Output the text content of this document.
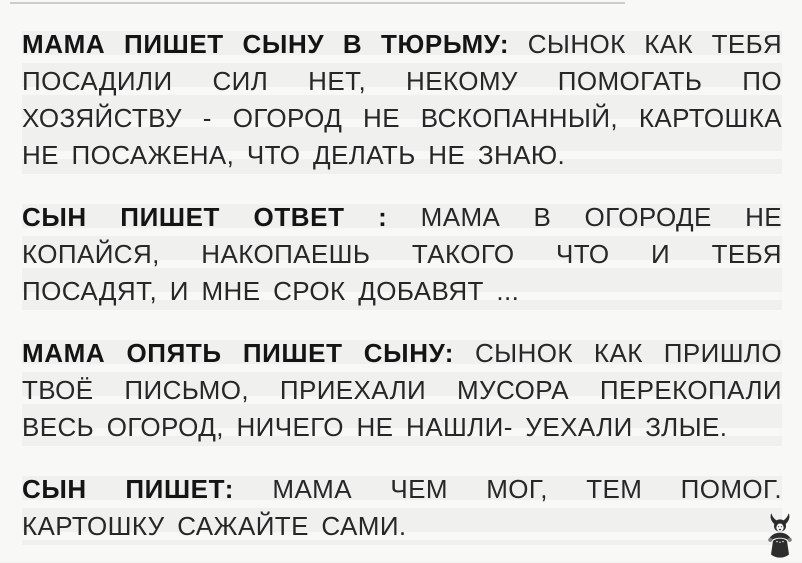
МАМА ПИШЕТ СЫНУ В ТЮРЬМУ: СЫНОК КАК ТЕБЯ ПОСАДИЛИ СИЛ НЕТ, НЕКОМУ ПОМОГАТЬ ПО ХОЗЯЙСТВУ - ОГОРОД НЕ ВСКОПАННЫЙ, КАРТОШКА НЕ ПОСАЖЕНА, ЧТО ДЕЛАТЬ НЕ ЗНАЮ.

СЫН ПИШЕТ ОТВЕТ : МАМА В ОГОРОДЕ НЕ КОПАЙСЯ, НАКОПАЕШЬ ТАКОГО ЧТО И ТЕБЯ ПОСАДЯТ, И МНЕ СРОК ДОБАВЯТ ...

МАМА ОПЯТЬ ПИШЕТ СЫНУ: СЫНОК КАК ПРИШЛО ТВОЁ ПИСЬМО, ПРИЕХАЛИ МУСОРА ПЕРЕКОПАЛИ ВЕСЬ ОГОРОД, НИЧЕГО НЕ НАШЛИ- УЕХАЛИ ЗЛЫЕ.

СЫН ПИШЕТ: МАМА ЧЕМ МОГ, ТЕМ ПОМОГ. КАРТОШКУ САЖАЙТЕ САМИ.
